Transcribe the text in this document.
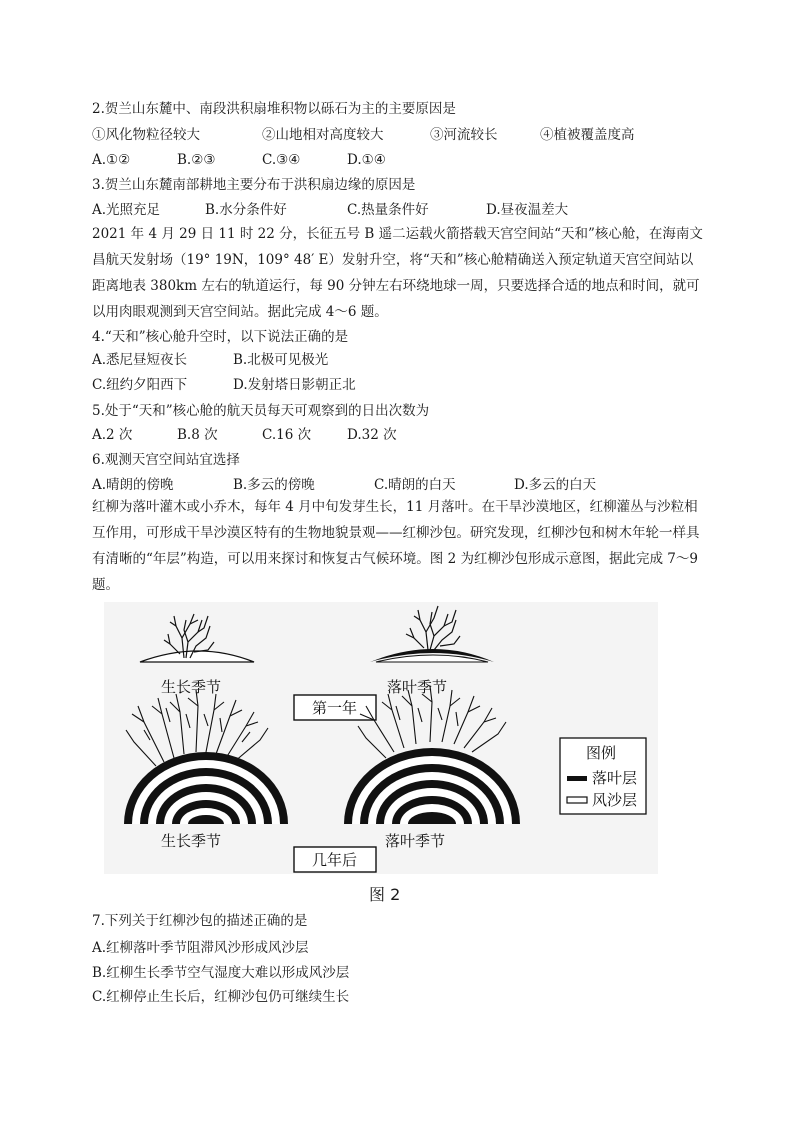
2.贺兰山东麓中、南段洪积扇堆积物以砾石为主的主要原因是
①风化物粒径较大	②山地相对高度较大	③河流较长	④植被覆盖度高
A.①②	B.②③	C.③④	D.①④
3.贺兰山东麓南部耕地主要分布于洪积扇边缘的原因是
A.光照充足	B.水分条件好	C.热量条件好	D.昼夜温差大
2021 年 4 月 29 日 11 时 22 分，长征五号 B 遥二运载火箭搭载天宫空间站“天和”核心舱，在海南文昌航天发射场（19° 19N，109° 48′ E）发射升空，将“天和”核心舱精确送入预定轨道天宫空间站以距离地表 380km 左右的轨道运行，每 90 分钟左右环绕地球一周，只要选择合适的地点和时间，就可以用肉眼观测到天宫空间站。据此完成 4～6 题。
4.“天和”核心舱升空时，以下说法正确的是
A.悉尼昼短夜长	B.北极可见极光
C.纽约夕阳西下	D.发射塔日影朝正北
5.处于“天和”核心舱的航天员每天可观察到的日出次数为
A.2 次	B.8 次	C.16 次	D.32 次
6.观测天宫空间站宜选择
A.晴朗的傍晚	B.多云的傍晚	C.晴朗的白天	D.多云的白天
红柳为落叶灌木或小乔木，每年 4 月中旬发芽生长，11 月落叶。在干旱沙漠地区，红柳灌丛与沙粒相互作用，可形成干旱沙漠区特有的生物地貌景观——红柳沙包。研究发现，红柳沙包和树木年轮一样具有清晰的“年层”构造，可以用来探讨和恢复古气候环境。图 2 为红柳沙包形成示意图，据此完成 7～9 题。
生长季节	落叶季节
第一年
生长季节	落叶季节
几年后
图例
落叶层
风沙层
图 2
7.下列关于红柳沙包的描述正确的是
A.红柳落叶季节阻滞风沙形成风沙层
B.红柳生长季节空气湿度大难以形成风沙层
C.红柳停止生长后，红柳沙包仍可继续生长
